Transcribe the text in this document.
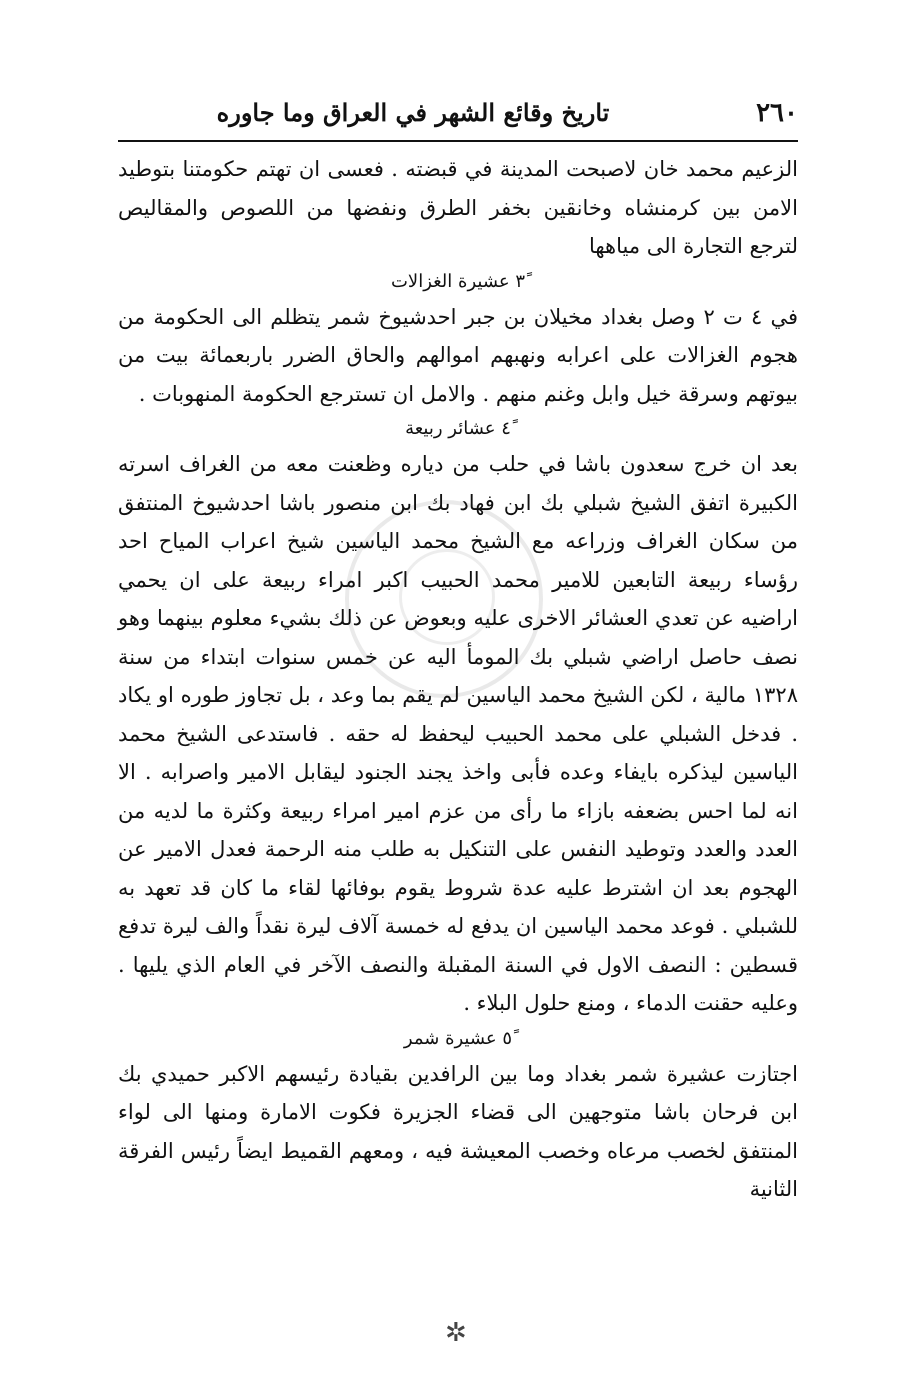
٢٦٠
تاريخ وقائع الشهر في العراق وما جاوره

الزعيم محمد خان لاصبحت المدينة في قبضته . فعسى ان تهتم حكومتنا بتوطيد الامن بين كرمنشاه وخانقين بخفر الطرق ونفضها من اللصوص والمقاليص لترجع التجارة الى مياهها

٣ً عشيرة الغزالات

في ٤ ت ٢ وصل بغداد مخيلان بن جبر احدشيوخ شمر يتظلم الى الحكومة من هجوم الغزالات على اعرابه ونهبهم اموالهم والحاق الضرر باربعمائة بيت من بيوتهم وسرقة خيل وابل وغنم منهم . والامل ان تسترجع الحكومة المنهوبات .

٤ً عشائر ربيعة

بعد ان خرج سعدون باشا في حلب من دياره وظعنت معه من الغراف اسرته الكبيرة اتفق الشيخ شبلي بك ابن فهاد بك ابن منصور باشا احدشيوخ المنتفق من سكان الغراف وزراعه مع الشيخ محمد الياسين شيخ اعراب المياح احد رؤساء ربيعة التابعين للامير محمد الحبيب اكبر امراء ربيعة على ان يحمي اراضيه عن تعدي العشائر الاخرى عليه وبعوض عن ذلك بشيء معلوم بينهما وهو نصف حاصل اراضي شبلي بك المومأ اليه عن خمس سنوات ابتداء من سنة ١٣٢٨ مالية ، لكن الشيخ محمد الياسين لم يقم بما وعد ، بل تجاوز طوره او يكاد . فدخل الشبلي على محمد الحبيب ليحفظ له حقه . فاستدعى الشيخ محمد الياسين ليذكره بايفاء وعده فأبى واخذ يجند الجنود ليقابل الامير واصرابه . الا انه لما احس بضعفه بازاء ما رأى من عزم امير امراء ربيعة وكثرة ما لديه من العدد والعدد وتوطيد النفس على التنكيل به طلب منه الرحمة فعدل الامير عن الهجوم بعد ان اشترط عليه عدة شروط يقوم بوفائها لقاء ما كان قد تعهد به للشبلي . فوعد محمد الياسين ان يدفع له خمسة آلاف ليرة نقداً والف ليرة تدفع قسطين : النصف الاول في السنة المقبلة والنصف الآخر في العام الذي يليها . وعليه حقنت الدماء ، ومنع حلول البلاء .

٥ً عشيرة شمر

اجتازت عشيرة شمر بغداد وما بين الرافدين بقيادة رئيسهم الاكبر حميدي بك ابن فرحان باشا متوجهين الى قضاء الجزيرة فكوت الامارة ومنها الى لواء المنتفق لخصب مرعاه وخصب المعيشة فيه ، ومعهم القميط ايضاً رئيس الفرقة الثانية

✲
